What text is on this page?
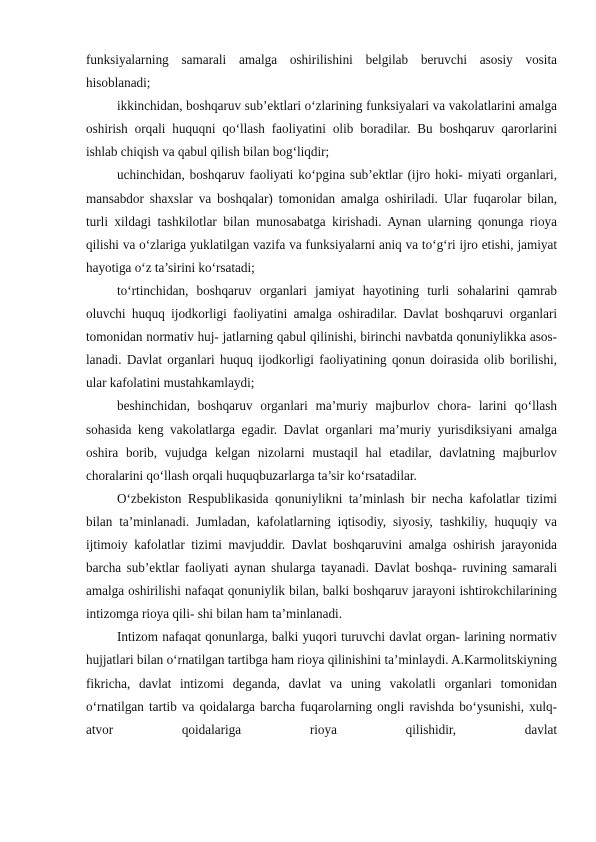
funksiyalarning samarali amalga oshirilishini belgilab beruvchi asosiy vosita hisoblanadi;

ikkinchidan, boshqaruv sub’ektlari o‘zlarining funksiyalari va vakolatlarini amalga oshirish orqali huquqni qo‘llash faoliyatini olib boradilar. Bu boshqaruv qarorlarini ishlab chiqish va qabul qilish bilan bog‘liqdir;

uchinchidan, boshqaruv faoliyati ko‘pgina sub’ektlar (ijro hoki- miyati organlari, mansabdor shaxslar va boshqalar) tomonidan amalga oshiriladi. Ular fuqarolar bilan, turli xildagi tashkilotlar bilan munosabatga kirishadi. Aynan ularning qonunga rioya qilishi va o‘zlariga yuklatilgan vazifa va funksiyalarni aniq va to‘g‘ri ijro etishi, jamiyat hayotiga o‘z ta’sirini ko‘rsatadi;

to‘rtinchidan, boshqaruv organlari jamiyat hayotining turli sohalarini qamrab oluvchi huquq ijodkorligi faoliyatini amalga oshiradilar. Davlat boshqaruvi organlari tomonidan normativ huj- jatlarning qabul qilinishi, birinchi navbatda qonuniylikka asos- lanadi. Davlat organlari huquq ijodkorligi faoliyatining qonun doirasida olib borilishi, ular kafolatini mustahkamlaydi;

beshinchidan, boshqaruv organlari ma’muriy majburlov chora- larini qo‘llash sohasida keng vakolatlarga egadir. Davlat organlari ma’muriy yurisdiksiyani amalga oshira borib, vujudga kelgan nizolarni mustaqil hal etadilar, davlatning majburlov choralarini qo‘llash orqali huquqbuzarlarga ta’sir ko‘rsatadilar.

O‘zbekiston Respublikasida qonuniylikni ta’minlash bir necha kafolatlar tizimi bilan ta’minlanadi. Jumladan, kafolatlarning iqtisodiy, siyosiy, tashkiliy, huquqiy va ijtimoiy kafolatlar tizimi mavjuddir. Davlat boshqaruvini amalga oshirish jarayonida barcha sub’ektlar faoliyati aynan shularga tayanadi. Davlat boshqa- ruvining samarali amalga oshirilishi nafaqat qonuniylik bilan, balki boshqaruv jarayoni ishtirokchilarining intizomga rioya qili- shi bilan ham ta’minlanadi.

Intizom nafaqat qonunlarga, balki yuqori turuvchi davlat organ- larining normativ hujjatlari bilan o‘rnatilgan tartibga ham rioya qilinishini ta’minlaydi. A.Karmolitskiyning fikricha, davlat intizomi deganda, davlat va uning vakolatli organlari tomonidan o‘rnatilgan tartib va qoidalarga barcha fuqarolarning ongli ravishda bo‘ysunishi, xulq-atvor qoidalariga rioya qilishidir, davlat
